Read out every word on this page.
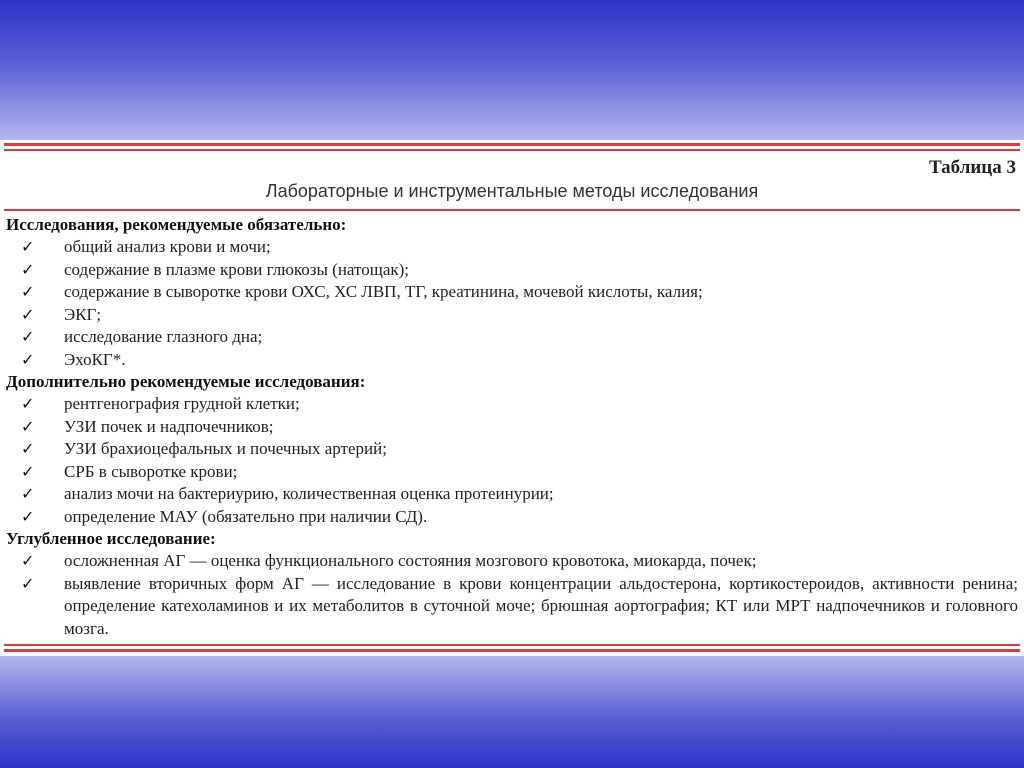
Таблица 3
Лабораторные и инструментальные методы исследования
Исследования, рекомендуемые обязательно:
✓ общий анализ крови и мочи;
✓ содержание в плазме крови глюкозы (натощак);
✓ содержание в сыворотке крови ОХС, ХС ЛВП, ТГ, креатинина, мочевой кислоты, калия;
✓ ЭКГ;
✓ исследование глазного дна;
✓ ЭхоКГ*.
Дополнительно рекомендуемые исследования:
✓ рентгенография грудной клетки;
✓ УЗИ почек и надпочечников;
✓ УЗИ брахиоцефальных и почечных артерий;
✓ СРБ в сыворотке крови;
✓ анализ мочи на бактериурию, количественная оценка протеинурии;
✓ определение МАУ (обязательно при наличии СД).
Углубленное исследование:
✓ осложненная АГ — оценка функционального состояния мозгового кровотока, миокарда, почек;
✓ выявление вторичных форм АГ — исследование в крови концентрации альдостерона, кортикостероидов, активности ренина; определение катехоламинов и их метаболитов в суточной моче; брюшная аортография; КТ или МРТ надпочечников и головного мозга.
